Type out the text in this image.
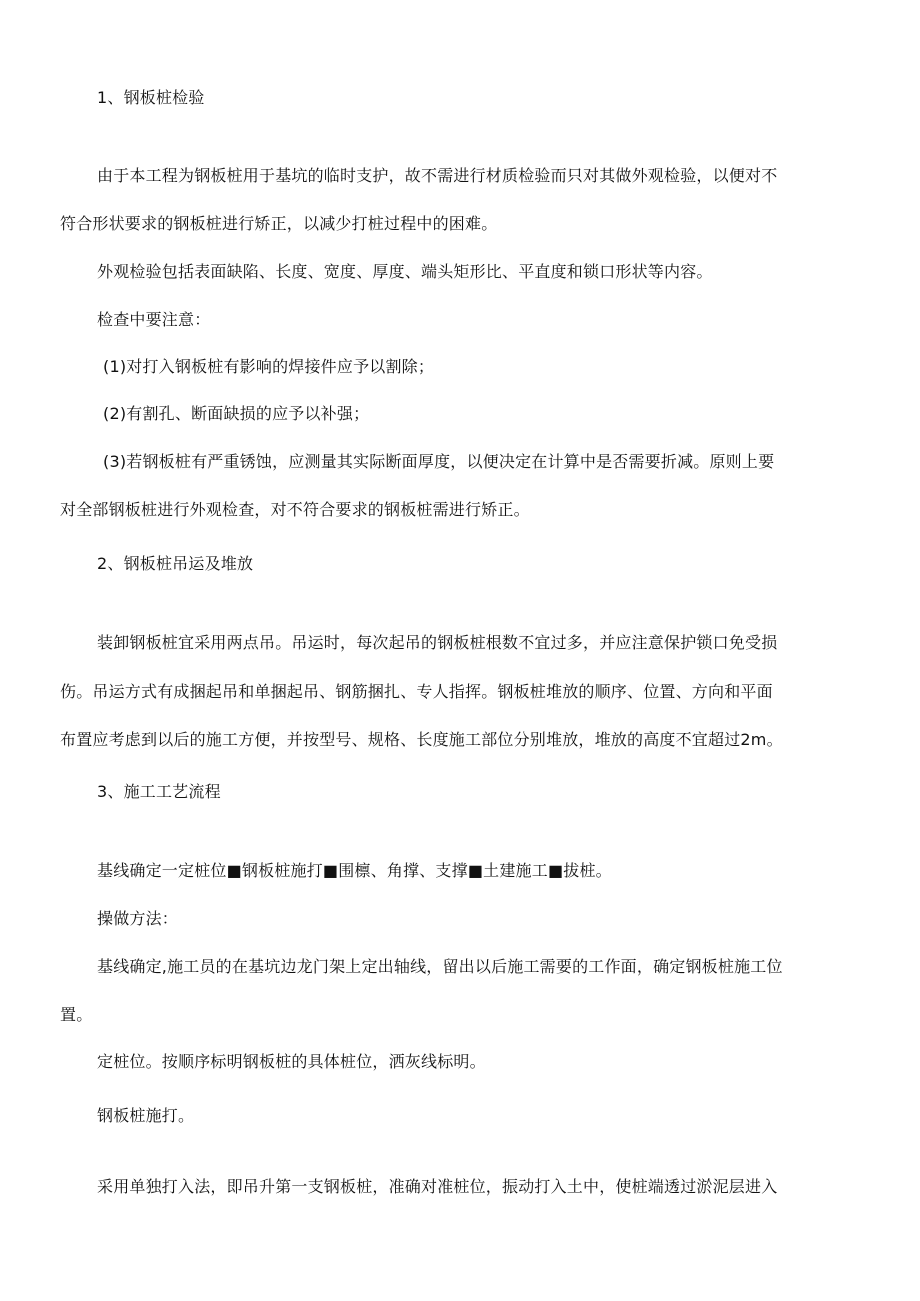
1、钢板桩检验
由于本工程为钢板桩用于基坑的临时支护，故不需进行材质检验而只对其做外观检验，以便对不
符合形状要求的钢板桩进行矫正，以减少打桩过程中的困难。
外观检验包括表面缺陷、长度、宽度、厚度、端头矩形比、平直度和锁口形状等内容。
检查中要注意：
(1)对打入钢板桩有影响的焊接件应予以割除；
(2)有割孔、断面缺损的应予以补强；
(3)若钢板桩有严重锈蚀，应测量其实际断面厚度，以便决定在计算中是否需要折减。原则上要
对全部钢板桩进行外观检查，对不符合要求的钢板桩需进行矫正。
2、钢板桩吊运及堆放
装卸钢板桩宜采用两点吊。吊运时，每次起吊的钢板桩根数不宜过多，并应注意保护锁口免受损
伤。吊运方式有成捆起吊和单捆起吊、钢筋捆扎、专人指挥。钢板桩堆放的顺序、位置、方向和平面
布置应考虑到以后的施工方便，并按型号、规格、长度施工部位分别堆放，堆放的高度不宜超过2m。
3、施工工艺流程
基线确定一定桩位■钢板桩施打■围檩、角撑、支撑■土建施工■拔桩。
操做方法：
基线确定,施工员的在基坑边龙门架上定出轴线，留出以后施工需要的工作面，确定钢板桩施工位
置。
定桩位。按顺序标明钢板桩的具体桩位，洒灰线标明。
钢板桩施打。
采用单独打入法，即吊升第一支钢板桩，准确对准桩位，振动打入土中，使桩端透过淤泥层进入
